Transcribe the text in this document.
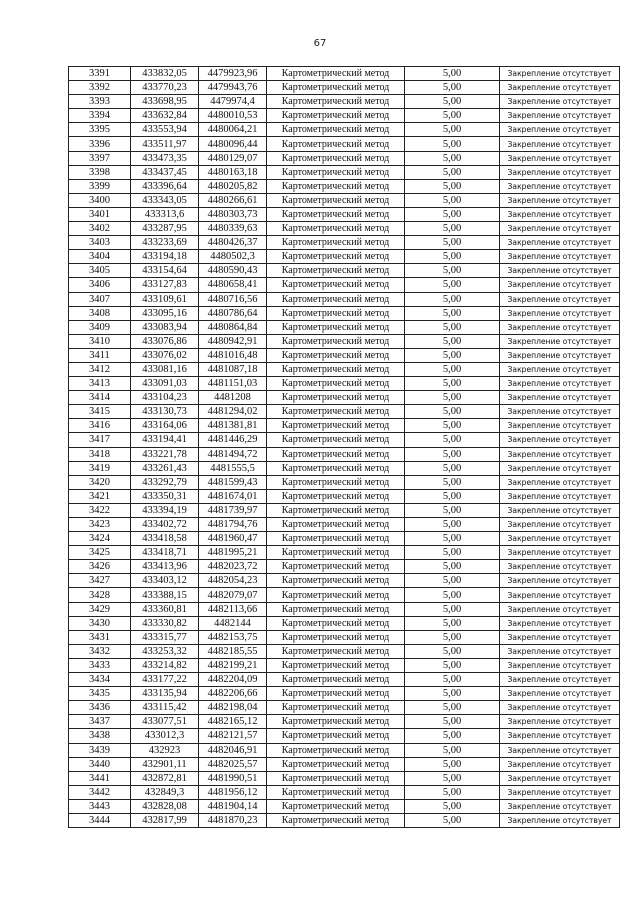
67
3391	433832,05	4479923,96	Картометрический метод	5,00	Закрепление отсутствует
3392	433770,23	4479943,76	Картометрический метод	5,00	Закрепление отсутствует
3393	433698,95	4479974,4	Картометрический метод	5,00	Закрепление отсутствует
3394	433632,84	4480010,53	Картометрический метод	5,00	Закрепление отсутствует
3395	433553,94	4480064,21	Картометрический метод	5,00	Закрепление отсутствует
3396	433511,97	4480096,44	Картометрический метод	5,00	Закрепление отсутствует
3397	433473,35	4480129,07	Картометрический метод	5,00	Закрепление отсутствует
3398	433437,45	4480163,18	Картометрический метод	5,00	Закрепление отсутствует
3399	433396,64	4480205,82	Картометрический метод	5,00	Закрепление отсутствует
3400	433343,05	4480266,61	Картометрический метод	5,00	Закрепление отсутствует
3401	433313,6	4480303,73	Картометрический метод	5,00	Закрепление отсутствует
3402	433287,95	4480339,63	Картометрический метод	5,00	Закрепление отсутствует
3403	433233,69	4480426,37	Картометрический метод	5,00	Закрепление отсутствует
3404	433194,18	4480502,3	Картометрический метод	5,00	Закрепление отсутствует
3405	433154,64	4480590,43	Картометрический метод	5,00	Закрепление отсутствует
3406	433127,83	4480658,41	Картометрический метод	5,00	Закрепление отсутствует
3407	433109,61	4480716,56	Картометрический метод	5,00	Закрепление отсутствует
3408	433095,16	4480786,64	Картометрический метод	5,00	Закрепление отсутствует
3409	433083,94	4480864,84	Картометрический метод	5,00	Закрепление отсутствует
3410	433076,86	4480942,91	Картометрический метод	5,00	Закрепление отсутствует
3411	433076,02	4481016,48	Картометрический метод	5,00	Закрепление отсутствует
3412	433081,16	4481087,18	Картометрический метод	5,00	Закрепление отсутствует
3413	433091,03	4481151,03	Картометрический метод	5,00	Закрепление отсутствует
3414	433104,23	4481208	Картометрический метод	5,00	Закрепление отсутствует
3415	433130,73	4481294,02	Картометрический метод	5,00	Закрепление отсутствует
3416	433164,06	4481381,81	Картометрический метод	5,00	Закрепление отсутствует
3417	433194,41	4481446,29	Картометрический метод	5,00	Закрепление отсутствует
3418	433221,78	4481494,72	Картометрический метод	5,00	Закрепление отсутствует
3419	433261,43	4481555,5	Картометрический метод	5,00	Закрепление отсутствует
3420	433292,79	4481599,43	Картометрический метод	5,00	Закрепление отсутствует
3421	433350,31	4481674,01	Картометрический метод	5,00	Закрепление отсутствует
3422	433394,19	4481739,97	Картометрический метод	5,00	Закрепление отсутствует
3423	433402,72	4481794,76	Картометрический метод	5,00	Закрепление отсутствует
3424	433418,58	4481960,47	Картометрический метод	5,00	Закрепление отсутствует
3425	433418,71	4481995,21	Картометрический метод	5,00	Закрепление отсутствует
3426	433413,96	4482023,72	Картометрический метод	5,00	Закрепление отсутствует
3427	433403,12	4482054,23	Картометрический метод	5,00	Закрепление отсутствует
3428	433388,15	4482079,07	Картометрический метод	5,00	Закрепление отсутствует
3429	433360,81	4482113,66	Картометрический метод	5,00	Закрепление отсутствует
3430	433330,82	4482144	Картометрический метод	5,00	Закрепление отсутствует
3431	433315,77	4482153,75	Картометрический метод	5,00	Закрепление отсутствует
3432	433253,32	4482185,55	Картометрический метод	5,00	Закрепление отсутствует
3433	433214,82	4482199,21	Картометрический метод	5,00	Закрепление отсутствует
3434	433177,22	4482204,09	Картометрический метод	5,00	Закрепление отсутствует
3435	433135,94	4482206,66	Картометрический метод	5,00	Закрепление отсутствует
3436	433115,42	4482198,04	Картометрический метод	5,00	Закрепление отсутствует
3437	433077,51	4482165,12	Картометрический метод	5,00	Закрепление отсутствует
3438	433012,3	4482121,57	Картометрический метод	5,00	Закрепление отсутствует
3439	432923	4482046,91	Картометрический метод	5,00	Закрепление отсутствует
3440	432901,11	4482025,57	Картометрический метод	5,00	Закрепление отсутствует
3441	432872,81	4481990,51	Картометрический метод	5,00	Закрепление отсутствует
3442	432849,3	4481956,12	Картометрический метод	5,00	Закрепление отсутствует
3443	432828,08	4481904,14	Картометрический метод	5,00	Закрепление отсутствует
3444	432817,99	4481870,23	Картометрический метод	5,00	Закрепление отсутствует
